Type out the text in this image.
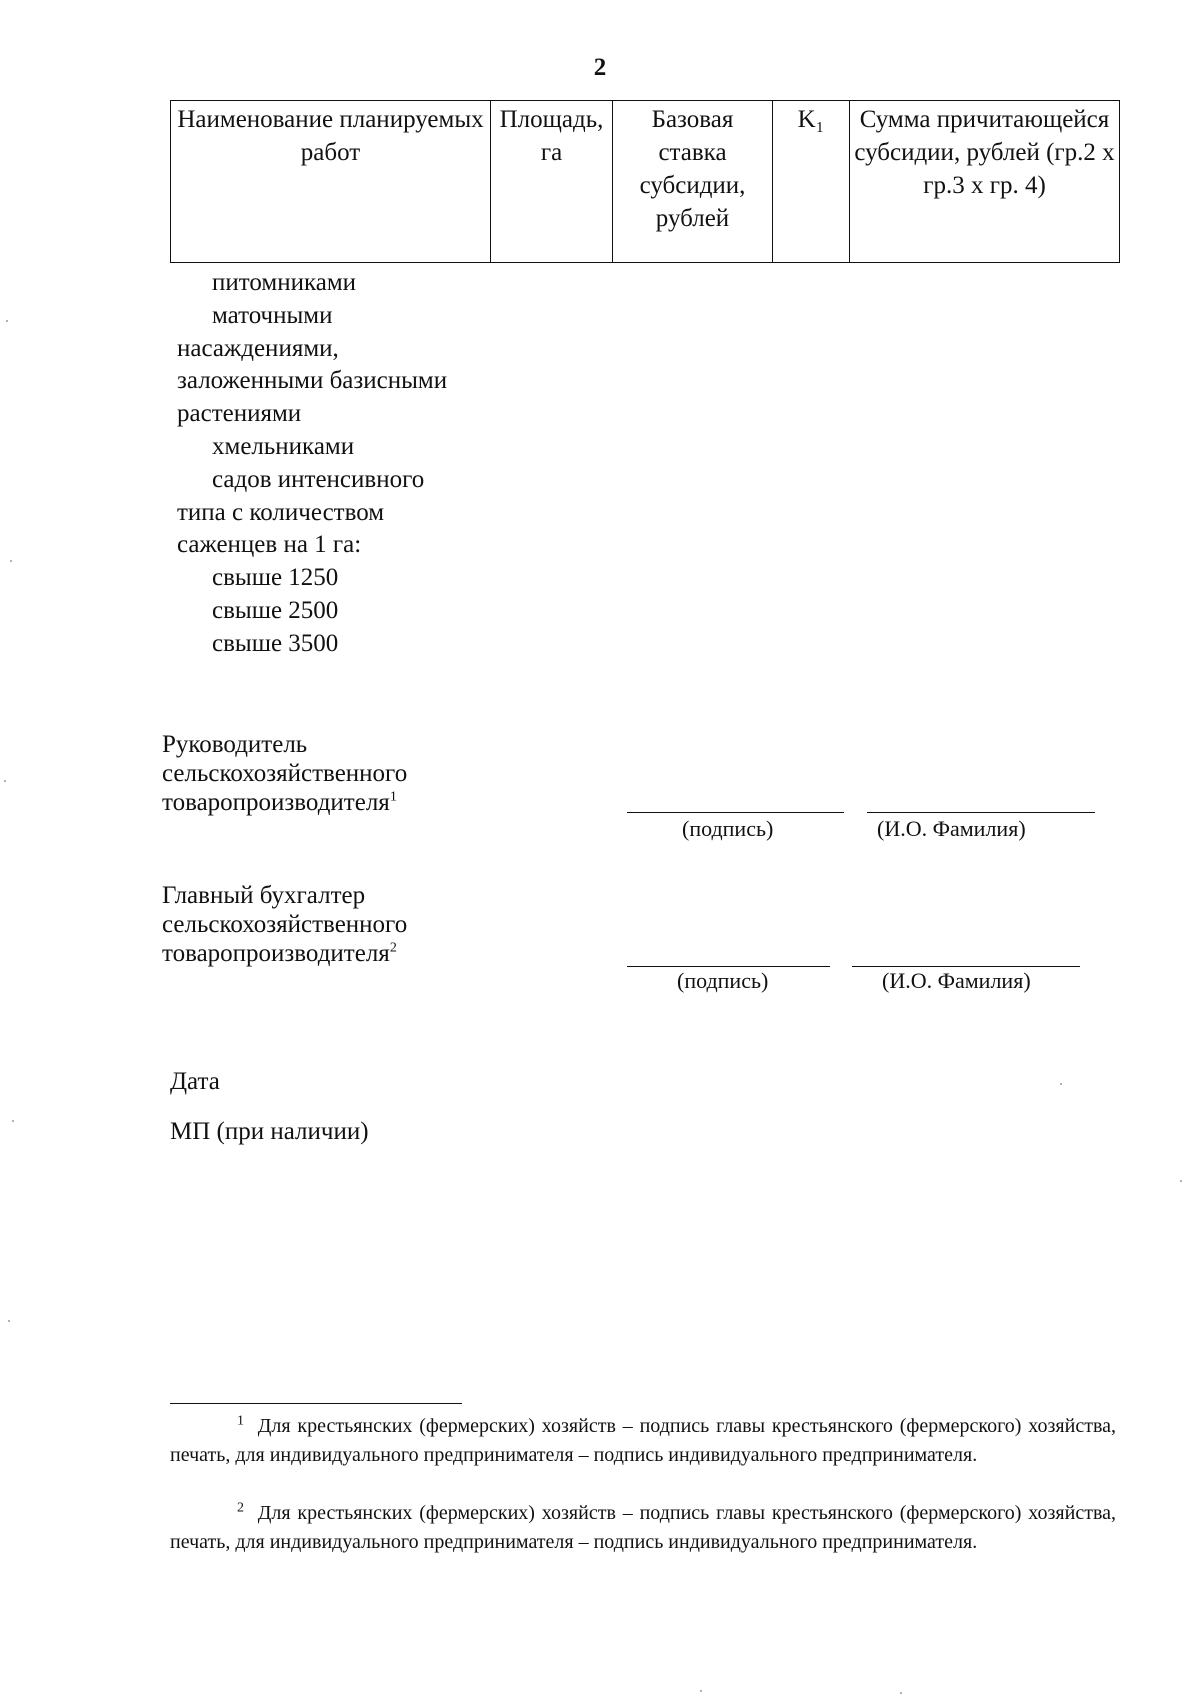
2
Наименование планируемых работ	Площадь, га	Базовая ставка субсидии, рублей	K₁	Сумма причитающейся субсидии, рублей (гр.2 х гр.3 х гр. 4)
питомниками
маточными
насаждениями,
заложенными базисными
растениями
хмельниками
садов интенсивного
типа с количеством
саженцев на 1 га:
свыше 1250
свыше 2500
свыше 3500
Руководитель
сельскохозяйственного
товаропроизводителя$^1$
(подпись)	(И.О. Фамилия)
Главный бухгалтер
сельскохозяйственного
товаропроизводителя$^2$
(подпись)	(И.О. Фамилия)
Дата
МП (при наличии)
$^1$ Для крестьянских (фермерских) хозяйств – подпись главы крестьянского (фермерского) хозяйства, печать, для индивидуального предпринимателя – подпись индивидуального предпринимателя.
$^2$ Для крестьянских (фермерских) хозяйств – подпись главы крестьянского (фермерского) хозяйства, печать, для индивидуального предпринимателя – подпись индивидуального предпринимателя.
